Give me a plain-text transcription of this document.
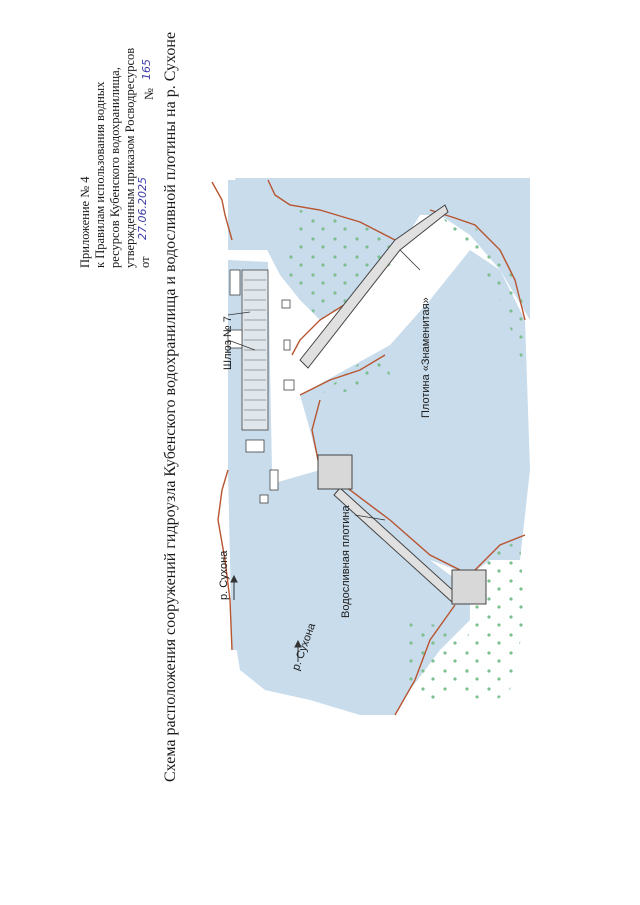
Приложение № 4 к Правилам использования водных ресурсов Кубенского водохранилища, утвержденным приказом Росводресурсов от
27.06.2025
№
165 Схема расположения сооружений гидроузла Кубенского водохранилища и водосливной плотины на р. Сухоне	Шлюз № 7	Плотина «Знаменитая»
Водосливная плотина
р. Сухона
р. Сухона
